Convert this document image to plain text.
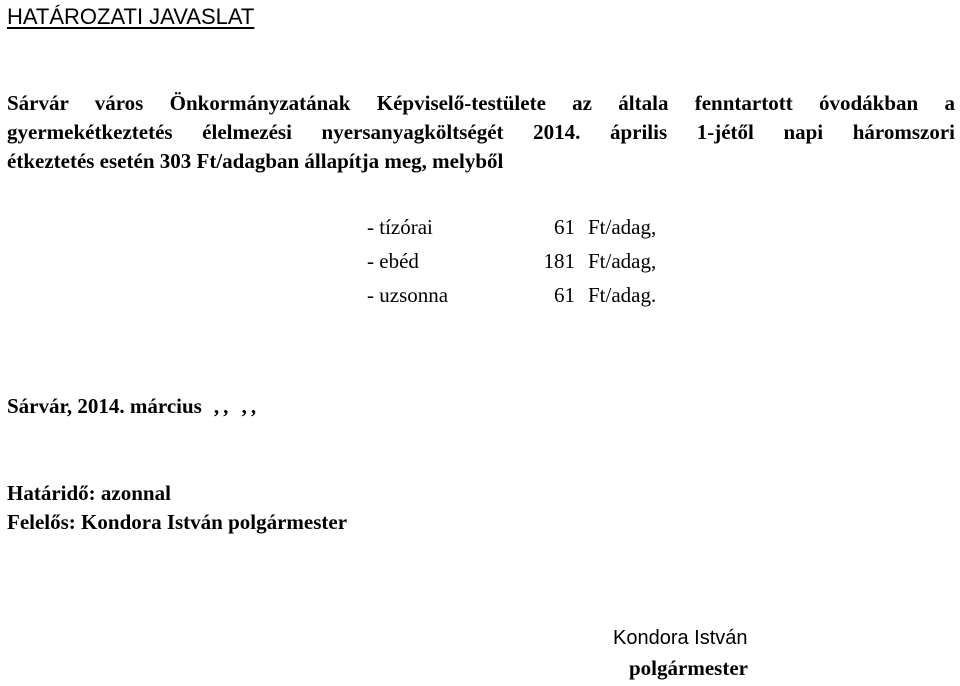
HATÁROZATI JAVASLAT
Sárvár város Önkormányzatának Képviselő-testülete az általa fenntartott óvodákban a
gyermekétkeztetés élelmezési nyersanyagköltségét 2014. április 1-jétől napi háromszori
étkeztetés esetén 303 Ft/adagban állapítja meg, melyből
- tízórai	61 Ft/adag,
- ebéd	181 Ft/adag,
- uzsonna	61 Ft/adag.
Sárvár, 2014. március ,, ,,
Határidő: azonnal
Felelős: Kondora István polgármester
Kondora István
polgármester
